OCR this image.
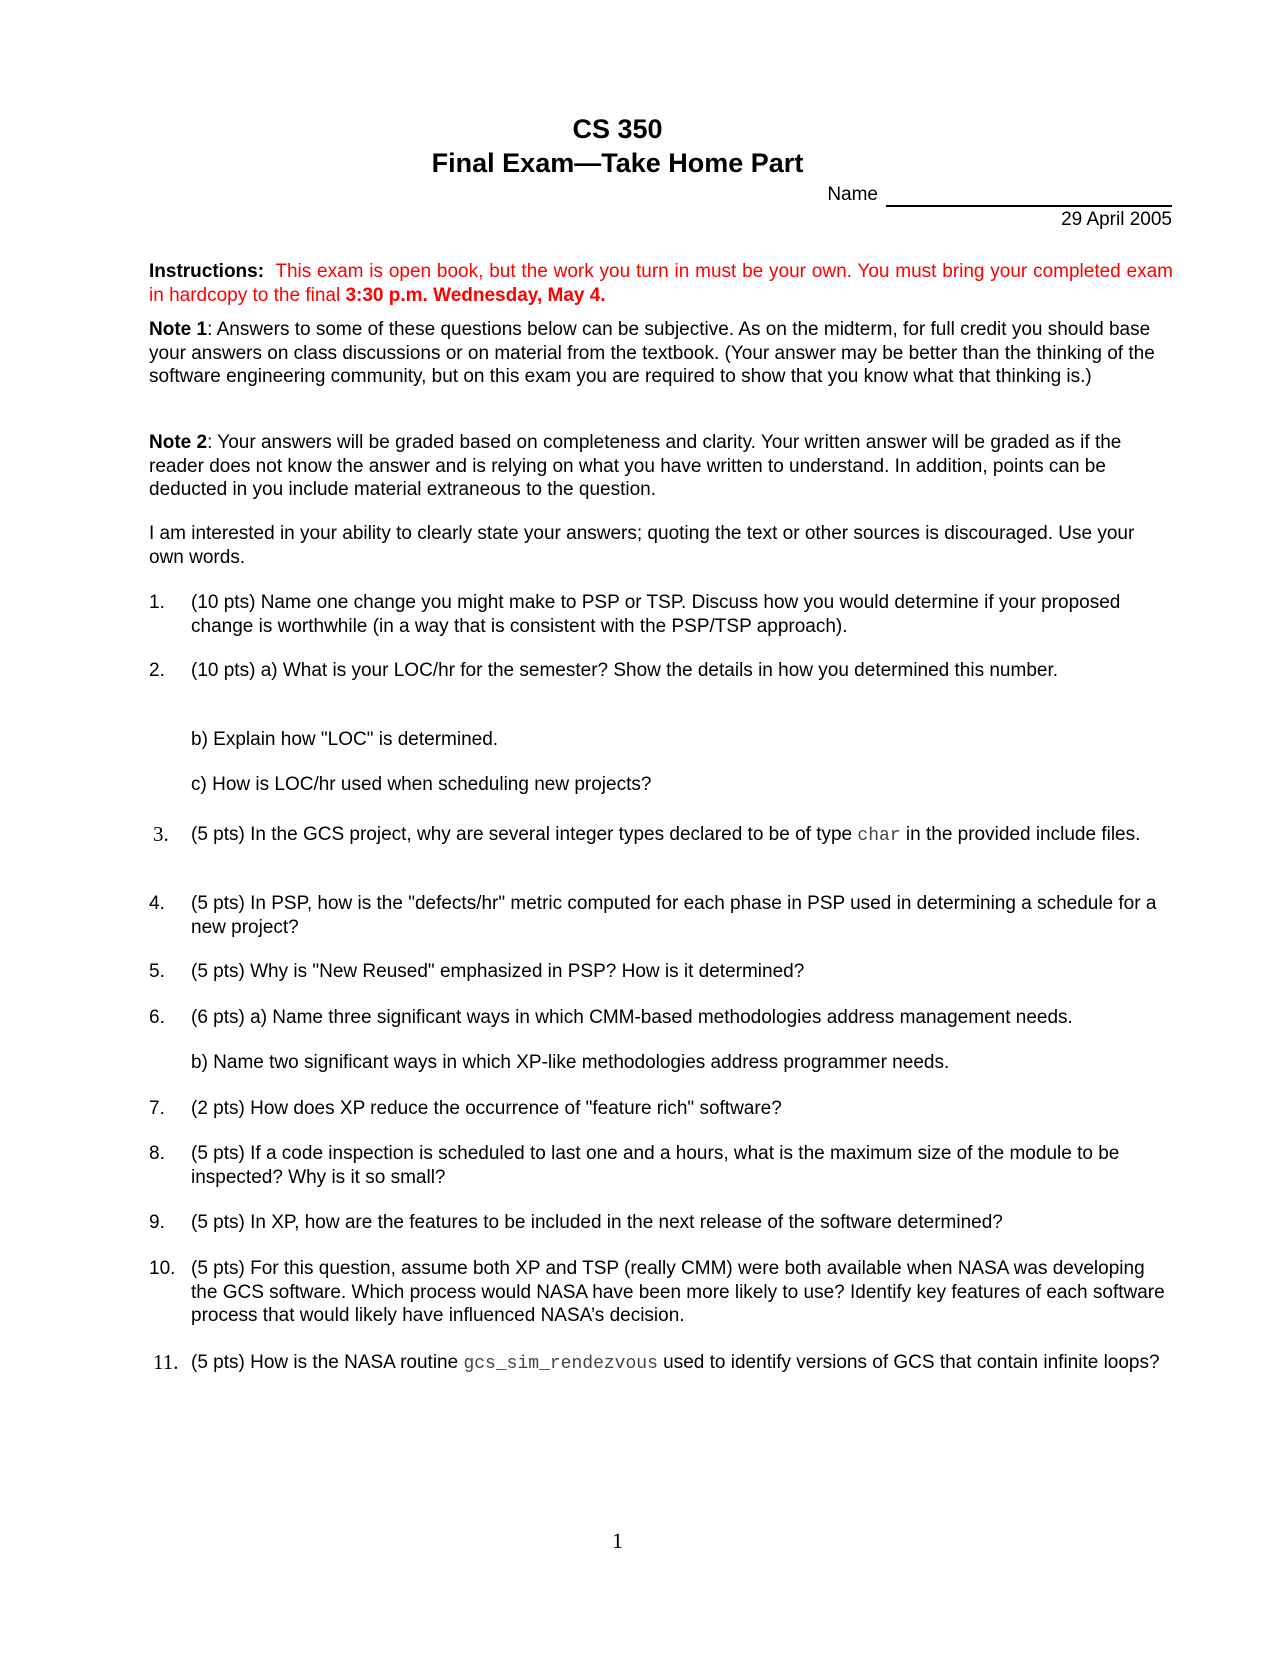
CS 350
Final Exam—Take Home Part
Name
29 April 2005
Instructions: This exam is open book, but the work you turn in must be your own. You must bring your completed exam in hardcopy to the final 3:30 p.m. Wednesday, May 4.
Note 1: Answers to some of these questions below can be subjective. As on the midterm, for full credit you should base your answers on class discussions or on material from the textbook. (Your answer may be better than the thinking of the software engineering community, but on this exam you are required to show that you know what that thinking is.)
Note 2: Your answers will be graded based on completeness and clarity. Your written answer will be graded as if the reader does not know the answer and is relying on what you have written to understand. In addition, points can be deducted in you include material extraneous to the question.
I am interested in your ability to clearly state your answers; quoting the text or other sources is discouraged. Use your own words.
1.	(10 pts) Name one change you might make to PSP or TSP. Discuss how you would determine if your proposed change is worthwhile (in a way that is consistent with the PSP/TSP approach).
2.	(10 pts) a) What is your LOC/hr for the semester? Show the details in how you determined this number.
b) Explain how "LOC" is determined.
c) How is LOC/hr used when scheduling new projects?
3.	(5 pts) In the GCS project, why are several integer types declared to be of type char in the provided include files.
4.	(5 pts) In PSP, how is the "defects/hr" metric computed for each phase in PSP used in determining a schedule for a new project?
5.	(5 pts) Why is "New Reused" emphasized in PSP? How is it determined?
6.	(6 pts) a) Name three significant ways in which CMM-based methodologies address management needs.
b) Name two significant ways in which XP-like methodologies address programmer needs.
7.	(2 pts) How does XP reduce the occurrence of "feature rich" software?
8.	(5 pts) If a code inspection is scheduled to last one and a hours, what is the maximum size of the module to be inspected? Why is it so small?
9.	(5 pts) In XP, how are the features to be included in the next release of the software determined?
10. (5 pts) For this question, assume both XP and TSP (really CMM) were both available when NASA was developing the GCS software. Which process would NASA have been more likely to use? Identify key features of each software process that would likely have influenced NASA’s decision.
11. (5 pts) How is the NASA routine gcs_sim_rendezvous used to identify versions of GCS that contain infinite loops?
1
